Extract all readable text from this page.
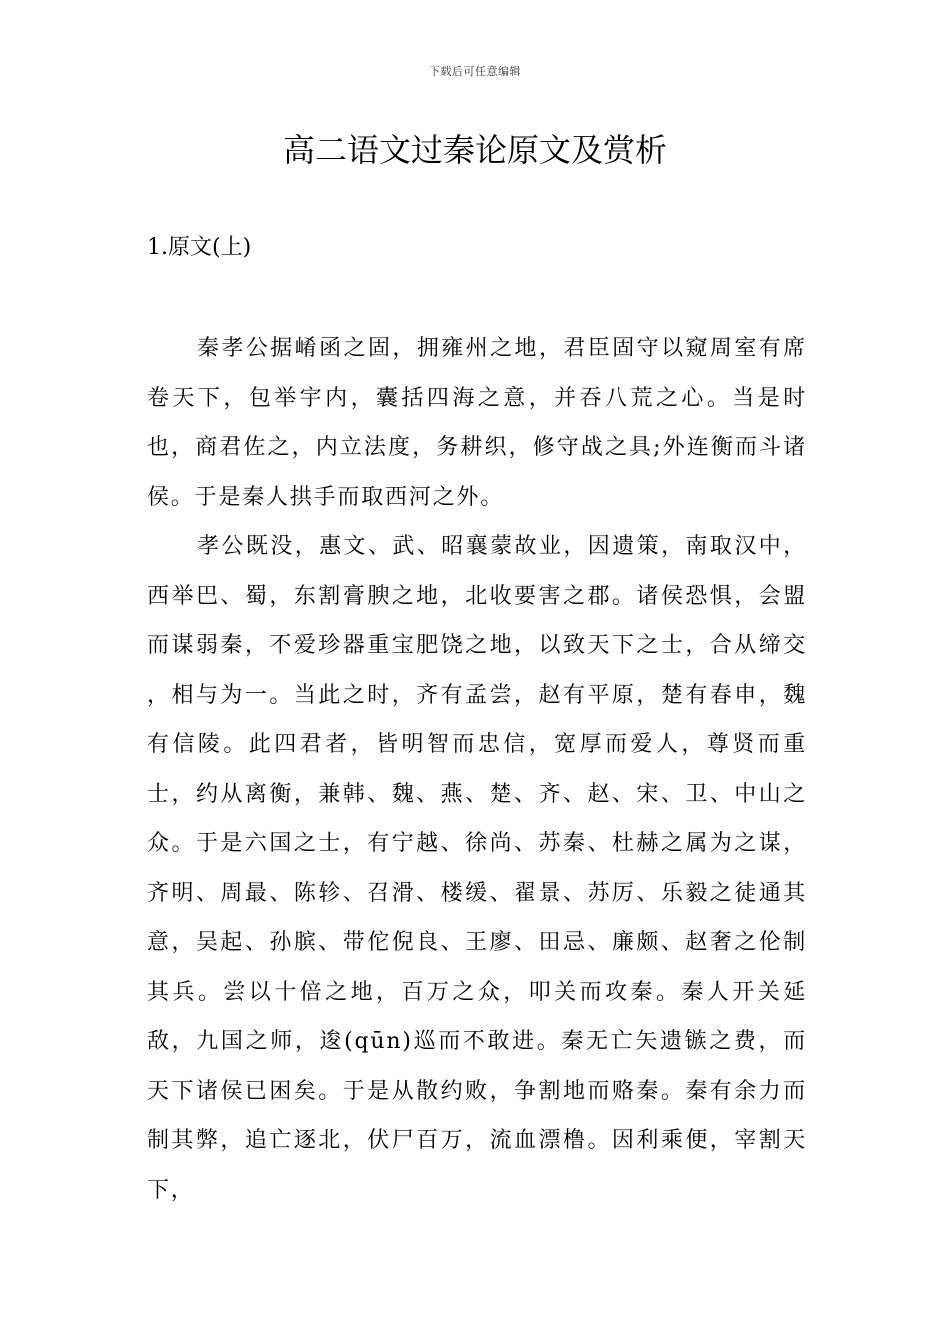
下载后可任意编辑
高二语文过秦论原文及赏析
1.原文(上)

秦孝公据崤函之固，拥雍州之地，君臣固守以窥周室有席卷天下，包举宇内，囊括四海之意，并吞八荒之心。当是时也，商君佐之，内立法度，务耕织，修守战之具;外连衡而斗诸侯。于是秦人拱手而取西河之外。

孝公既没，惠文、武、昭襄蒙故业，因遗策，南取汉中，西举巴、蜀，东割膏腴之地，北收要害之郡。诸侯恐惧，会盟而谋弱秦，不爱珍器重宝肥饶之地，以致天下之士，合从缔交 ，相与为一。当此之时，齐有孟尝，赵有平原，楚有春申，魏有信陵。此四君者，皆明智而忠信，宽厚而爱人，尊贤而重士，约从离衡，兼韩、魏、燕、楚、齐、赵、宋、卫、中山之众。于是六国之士，有宁越、徐尚、苏秦、杜赫之属为之谋，齐明、周最、陈轸、召滑、楼缓、翟景、苏厉、乐毅之徒通其意，吴起、孙膑、带佗倪良、王廖、田忌、廉颇、赵奢之伦制其兵。尝以十倍之地，百万之众，叩关而攻秦。秦人开关延敌，九国之师，逡(qūn)巡而不敢进。秦无亡矢遗镞之费，而天下诸侯已困矣。于是从散约败，争割地而赂秦。秦有余力而制其弊，追亡逐北，伏尸百万，流血漂橹。因利乘便，宰割天下，
